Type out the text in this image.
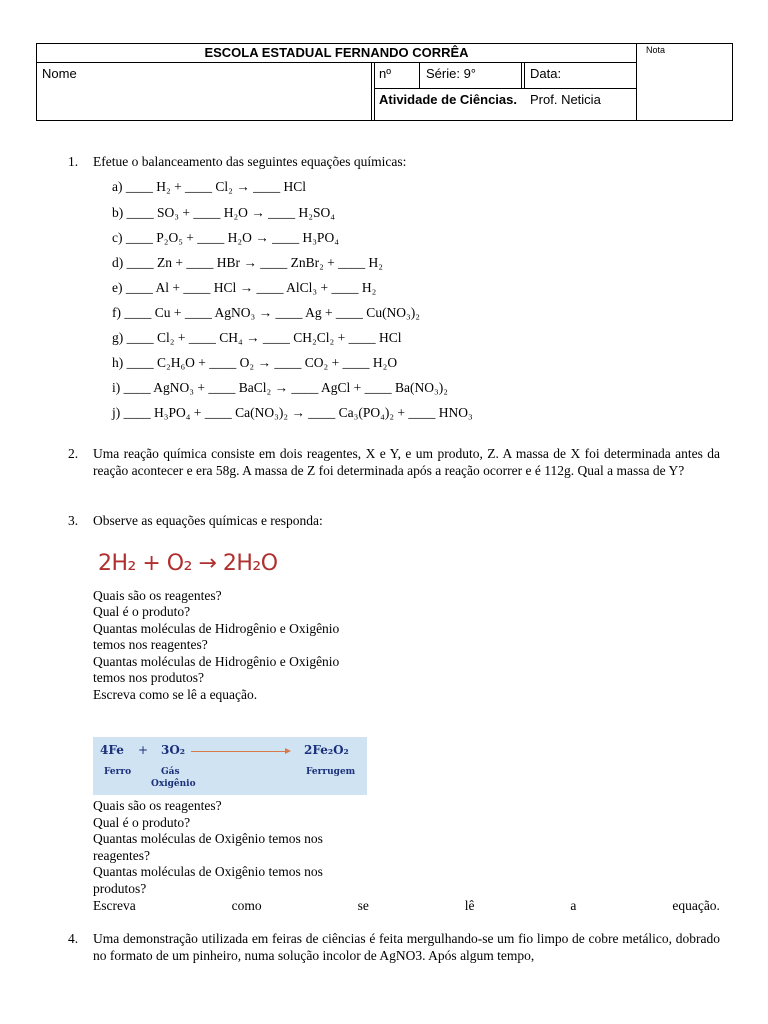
ESCOLA ESTADUAL FERNANDO CORRÊA	Nota
Nome	nº	Série: 9°	Data:
Atividade de Ciências. Prof. Neticia
1. Efetue o balanceamento das seguintes equações químicas:
a) ____ H₂ + ____ Cl₂ → ____ HCl
b) ____ SO₃ + ____ H₂O → ____ H₂SO₄
c) ____ P₂O₅ + ____ H₂O → ____ H₃PO₄
d) ____ Zn + ____ HBr → ____ ZnBr₂ + ____ H₂
e) ____ Al + ____ HCl → ____ AlCl₃ + ____ H₂
f) ____ Cu + ____ AgNO₃ → ____ Ag + ____ Cu(NO₃)₂
g) ____ Cl₂ + ____ CH₄ → ____ CH₂Cl₂ + ____ HCl
h) ____ C₂H₆O + ____ O₂ → ____ CO₂ + ____ H₂O
i) ____ AgNO₃ + ____ BaCl₂ → ____ AgCl + ____ Ba(NO₃)₂
j) ____ H₃PO₄ + ____ Ca(NO₃)₂ → ____ Ca₃(PO₄)₂ + ____ HNO₃
2. Uma reação química consiste em dois reagentes, X e Y, e um produto, Z. A massa de X foi determinada antes da reação acontecer e era 58g. A massa de Z foi determinada após a reação ocorrer e é 112g. Qual a massa de Y?
3. Observe as equações químicas e responda:
2H₂ + O₂ → 2H₂O
Quais são os reagentes?
Qual é o produto?
Quantas moléculas de Hidrogênio e Oxigênio
temos nos reagentes?
Quantas moléculas de Hidrogênio e Oxigênio
temos nos produtos?
Escreva como se lê a equação.
4Fe + 3O₂	2Fe₂O₂
Ferro	Gás
Oxigênio
Ferrugem
Quais são os reagentes?
Qual é o produto?
Quantas moléculas de Oxigênio temos nos
reagentes?
Quantas moléculas de Oxigênio temos nos
produtos?
Escreva	como	se	lê	a	equação.
4. Uma demonstração utilizada em feiras de ciências é feita mergulhando-se um fio limpo de cobre metálico, dobrado no formato de um pinheiro, numa solução incolor de AgNO3. Após algum tempo,
